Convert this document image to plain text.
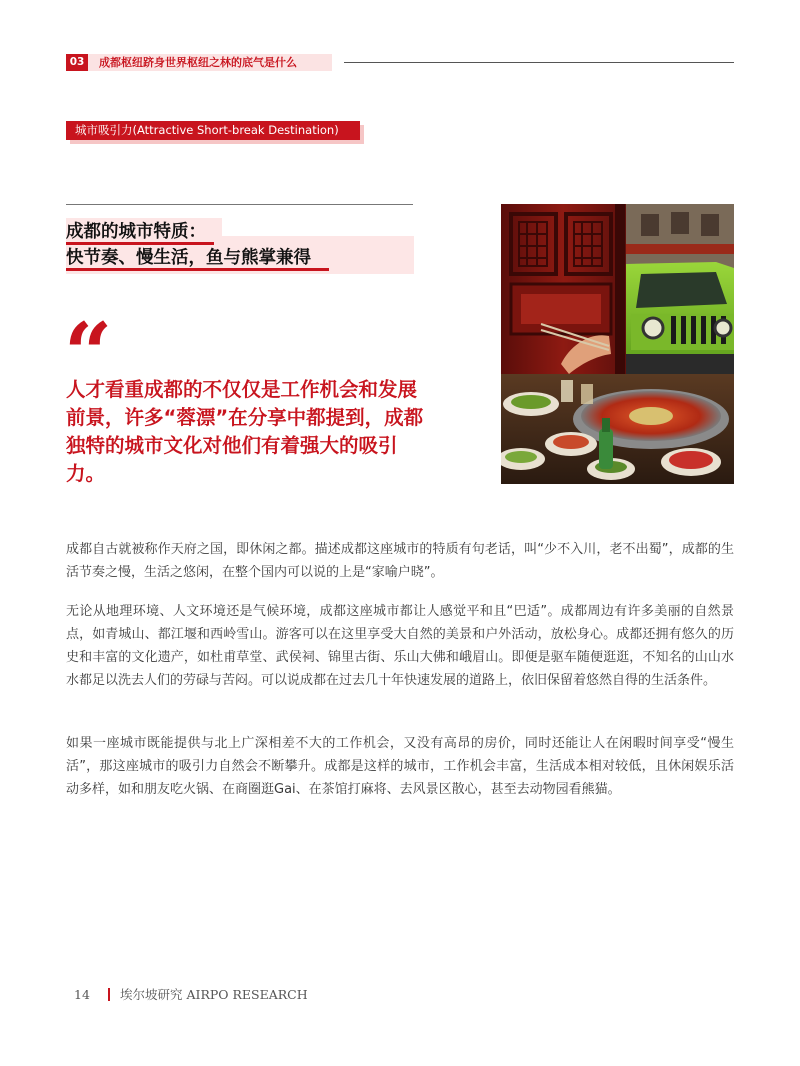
03	成都枢纽跻身世界枢纽之林的底气是什么
城市吸引力(Attractive Short-break Destination)
成都的城市特质：
快节奏、慢生活，鱼与熊掌兼得
“
人才看重成都的不仅仅是工作机会和发展前景，许多“蓉漂”在分享中都提到，成都独特的城市文化对他们有着强大的吸引力。

成都自古就被称作天府之国，即休闲之都。描述成都这座城市的特质有句老话，叫“少不入川，老不出蜀”，成都的生活节奏之慢，生活之悠闲，在整个国内可以说的上是“家喻户晓”。

无论从地理环境、人文环境还是气候环境，成都这座城市都让人感觉平和且“巴适”。成都周边有许多美丽的自然景点，如青城山、都江堰和西岭雪山。游客可以在这里享受大自然的美景和户外活动，放松身心。成都还拥有悠久的历史和丰富的文化遗产，如杜甫草堂、武侯祠、锦里古街、乐山大佛和峨眉山。即便是驱车随便逛逛，不知名的山山水水都足以洗去人们的劳碌与苦闷。可以说成都在过去几十年快速发展的道路上，依旧保留着悠然自得的生活条件。

如果一座城市既能提供与北上广深相差不大的工作机会，又没有高昂的房价，同时还能让人在闲暇时间享受“慢生活”，那这座城市的吸引力自然会不断攀升。成都是这样的城市，工作机会丰富，生活成本相对较低，且休闲娱乐活动多样，如和朋友吃火锅、在商圈逛Gai、在茶馆打麻将、去风景区散心，甚至去动物园看熊猫。

14 埃尔坡研究 AIRPO RESEARCH
